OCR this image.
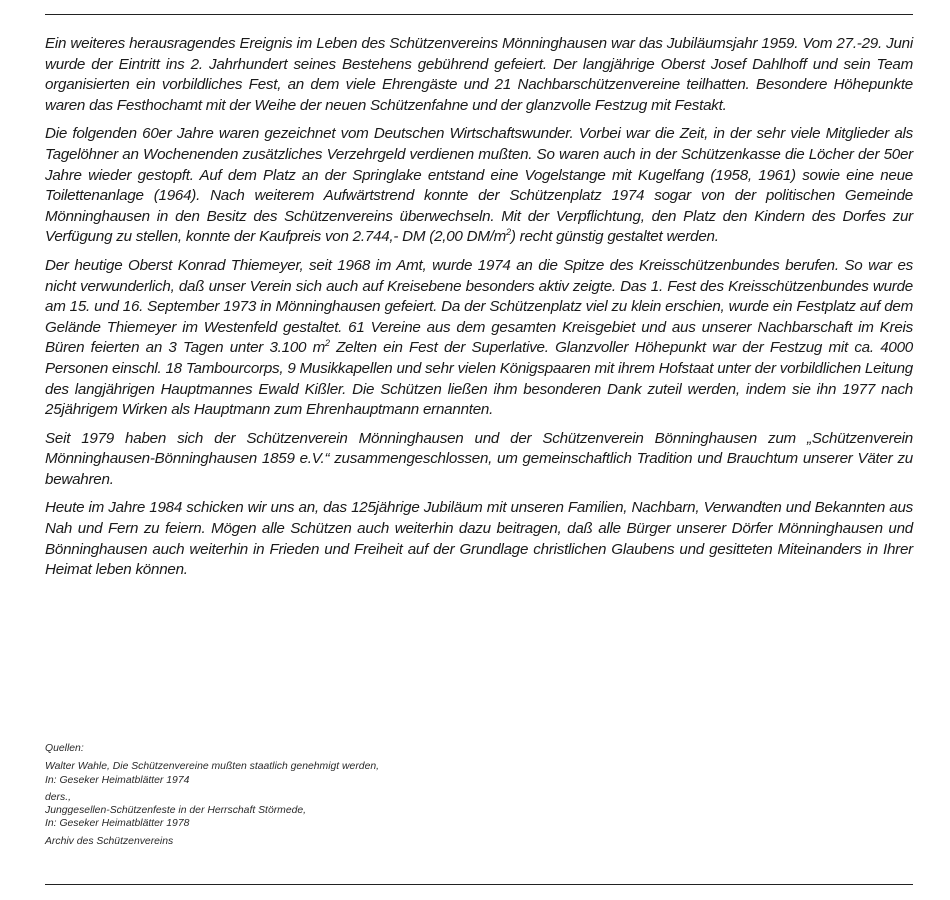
Ein weiteres herausragendes Ereignis im Leben des Schützenvereins Mönninghausen war das Jubiläumsjahr 1959. Vom 27.-29. Juni wurde der Eintritt ins 2. Jahrhundert seines Bestehens gebührend gefeiert. Der langjährige Oberst Josef Dahlhoff und sein Team organisierten ein vorbildliches Fest, an dem viele Ehrengäste und 21 Nachbarschützenvereine teilhatten. Besondere Höhepunkte waren das Festhochamt mit der Weihe der neuen Schützenfahne und der glanzvolle Festzug mit Festakt.

Die folgenden 60er Jahre waren gezeichnet vom Deutschen Wirtschaftswunder. Vorbei war die Zeit, in der sehr viele Mitglieder als Tagelöhner an Wochenenden zusätzliches Verzehrgeld verdienen mußten. So waren auch in der Schützenkasse die Löcher der 50er Jahre wieder gestopft. Auf dem Platz an der Springlake entstand eine Vogelstange mit Kugelfang (1958, 1961) sowie eine neue Toilettenanlage (1964). Nach weiterem Aufwärtstrend konnte der Schützenplatz 1974 sogar von der politischen Gemeinde Mönninghausen in den Besitz des Schützenvereins überwechseln. Mit der Verpflichtung, den Platz den Kindern des Dorfes zur Verfügung zu stellen, konnte der Kaufpreis von 2.744,- DM (2,00 $DM/m^2$) recht günstig gestaltet werden.

Der heutige Oberst Konrad Thiemeyer, seit 1968 im Amt, wurde 1974 an die Spitze des Kreisschützenbundes berufen. So war es nicht verwunderlich, daß unser Verein sich auch auf Kreisebene besonders aktiv zeigte. Das 1. Fest des Kreisschützenbundes wurde am 15. und 16. September 1973 in Mönninghausen gefeiert. Da der Schützenplatz viel zu klein erschien, wurde ein Festplatz auf dem Gelände Thiemeyer im Westenfeld gestaltet. 61 Vereine aus dem gesamten Kreisgebiet und aus unserer Nachbarschaft im Kreis Büren feierten an 3 Tagen unter 3.100 $m^2$ Zelten ein Fest der Superlative. Glanzvoller Höhepunkt war der Festzug mit ca. 4000 Personen einschl. 18 Tambourcorps, 9 Musikkapellen und sehr vielen Königspaaren mit ihrem Hofstaat unter der vorbildlichen Leitung des langjährigen Hauptmannes Ewald Kißler. Die Schützen ließen ihm besonderen Dank zuteil werden, indem sie ihn 1977 nach 25jährigem Wirken als Hauptmann zum Ehrenhauptmann ernannten.

Seit 1979 haben sich der Schützenverein Mönninghausen und der Schützenverein Bönninghausen zum „Schützenverein Mönninghausen-Bönninghausen 1859 e.V.“ zusammengeschlossen, um gemeinschaftlich Tradition und Brauchtum unserer Väter zu bewahren.

Heute im Jahre 1984 schicken wir uns an, das 125jährige Jubiläum mit unseren Familien, Nachbarn, Verwandten und Bekannten aus Nah und Fern zu feiern. Mögen alle Schützen auch weiterhin dazu beitragen, daß alle Bürger unserer Dörfer Mönninghausen und Bönninghausen auch weiterhin in Frieden und Freiheit auf der Grundlage christlichen Glaubens und gesitteten Miteinanders in Ihrer Heimat leben können.

Quellen:
Walter Wahle, Die Schützenvereine mußten staatlich genehmigt werden,
In: Geseker Heimatblätter 1974
ders.,
Junggesellen-Schützenfeste in der Herrschaft Störmede,
In: Geseker Heimatblätter 1978
Archiv des Schützenvereins
